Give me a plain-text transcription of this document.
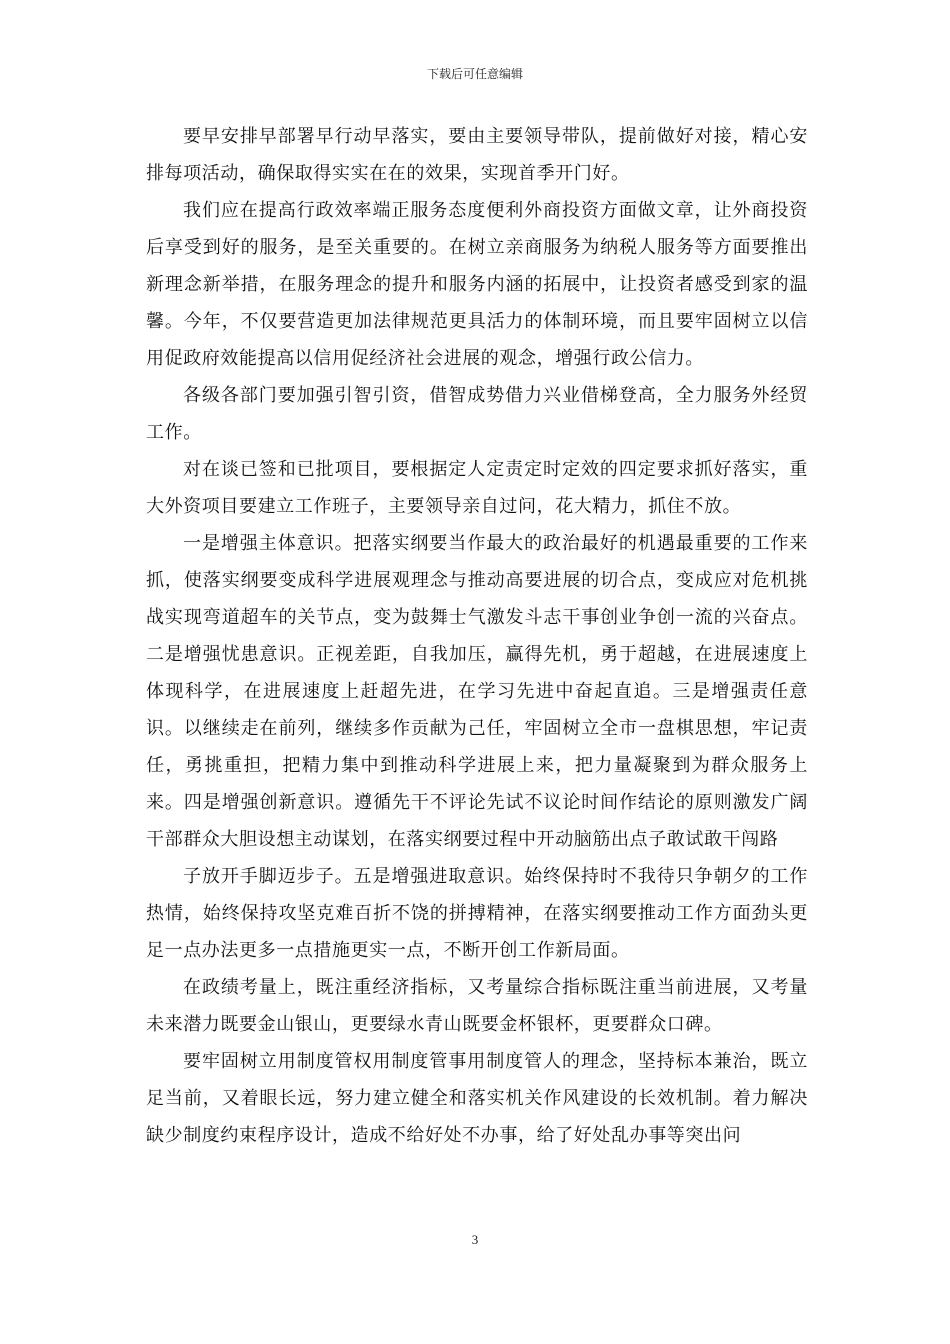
下载后可任意编辑

要早安排早部署早行动早落实，要由主要领导带队，提前做好对接，精心安排每项活动，确保取得实实在在的效果，实现首季开门好。

我们应在提高行政效率端正服务态度便利外商投资方面做文章，让外商投资后享受到好的服务，是至关重要的。在树立亲商服务为纳税人服务等方面要推出新理念新举措，在服务理念的提升和服务内涵的拓展中，让投资者感受到家的温馨。今年，不仅要营造更加法律规范更具活力的体制环境，而且要牢固树立以信用促政府效能提高以信用促经济社会进展的观念，增强行政公信力。

各级各部门要加强引智引资，借智成势借力兴业借梯登高，全力服务外经贸工作。

对在谈已签和已批项目，要根据定人定责定时定效的四定要求抓好落实，重大外资项目要建立工作班子，主要领导亲自过问，花大精力，抓住不放。

一是增强主体意识。把落实纲要当作最大的政治最好的机遇最重要的工作来抓，使落实纲要变成科学进展观理念与推动高要进展的切合点，变成应对危机挑战实现弯道超车的关节点，变为鼓舞士气激发斗志干事创业争创一流的兴奋点。二是增强忧患意识。正视差距，自我加压，赢得先机，勇于超越，在进展速度上体现科学，在进展速度上赶超先进，在学习先进中奋起直追。三是增强责任意识。以继续走在前列，继续多作贡献为己任，牢固树立全市一盘棋思想，牢记责任，勇挑重担，把精力集中到推动科学进展上来，把力量凝聚到为群众服务上来。四是增强创新意识。遵循先干不评论先试不议论时间作结论的原则激发广阔干部群众大胆设想主动谋划，在落实纲要过程中开动脑筋出点子敢试敢干闯路

子放开手脚迈步子。五是增强进取意识。始终保持时不我待只争朝夕的工作热情，始终保持攻坚克难百折不饶的拼搏精神，在落实纲要推动工作方面劲头更足一点办法更多一点措施更实一点，不断开创工作新局面。

在政绩考量上，既注重经济指标，又考量综合指标既注重当前进展，又考量未来潜力既要金山银山，更要绿水青山既要金杯银杯，更要群众口碑。

要牢固树立用制度管权用制度管事用制度管人的理念，坚持标本兼治，既立足当前，又着眼长远，努力建立健全和落实机关作风建设的长效机制。着力解决缺少制度约束程序设计，造成不给好处不办事，给了好处乱办事等突出问

3
